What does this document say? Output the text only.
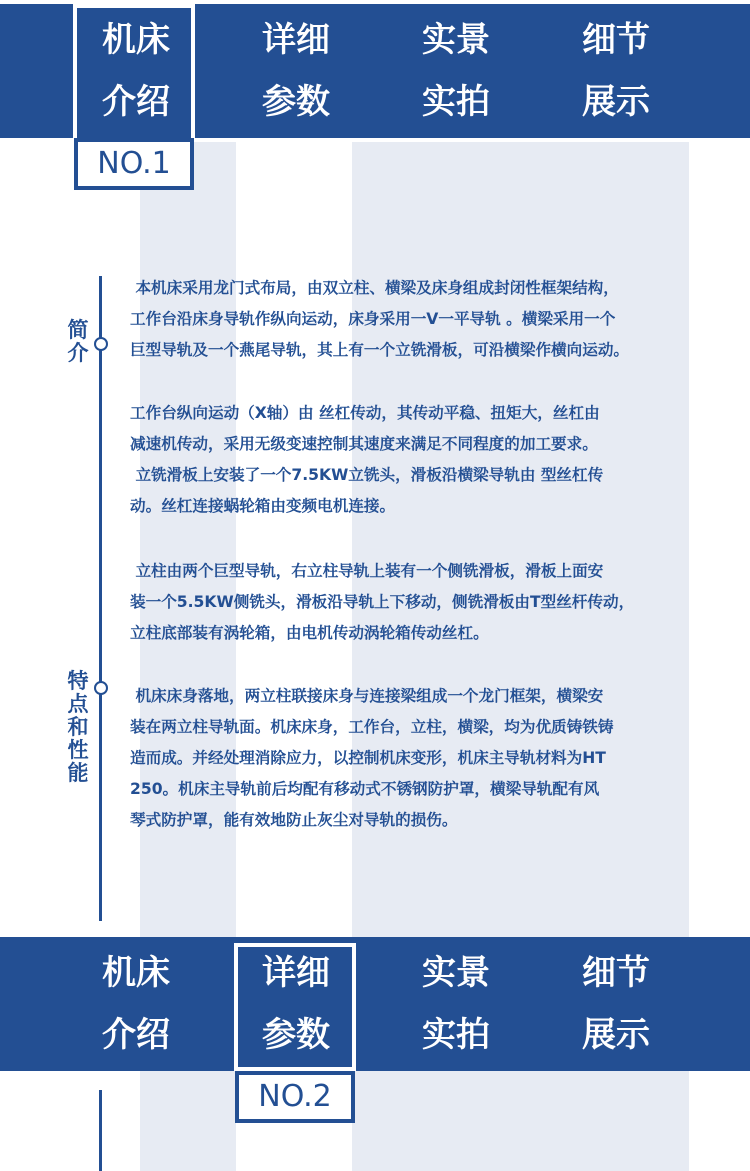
机床
介绍
详细
参数
实景
实拍
细节
展示
NO.1
简
介
特
点
和
性
能

本机床采用龙门式布局，由双立柱、横梁及床身组成封闭性框架结构，
工作台沿床身导轨作纵向运动，床身采用一V一平导轨 。横梁采用一个
巨型导轨及一个燕尾导轨，其上有一个立铣滑板，可沿横梁作横向运动。

工作台纵向运动（X轴）由 丝杠传动，其传动平稳、扭矩大，丝杠由
减速机传动，采用无级变速控制其速度来满足不同程度的加工要求。
立铣滑板上安装了一个7.5KW立铣头，滑板沿横梁导轨由 型丝杠传
动。丝杠连接蜗轮箱由变频电机连接。

立柱由两个巨型导轨，右立柱导轨上装有一个侧铣滑板，滑板上面安
装一个5.5KW侧铣头，滑板沿导轨上下移动，侧铣滑板由T型丝杆传动，
立柱底部装有涡轮箱，由电机传动涡轮箱传动丝杠。

机床床身落地，两立柱联接床身与连接梁组成一个龙门框架，横梁安
装在两立柱导轨面。机床床身，工作台，立柱，横梁，均为优质铸铁铸
造而成。并经处理消除应力，以控制机床变形，机床主导轨材料为HT
250。机床主导轨前后均配有移动式不锈钢防护罩，横梁导轨配有风
琴式防护罩，能有效地防止灰尘对导轨的损伤。

机床
介绍
详细
参数
实景
实拍
细节
展示
NO.2
